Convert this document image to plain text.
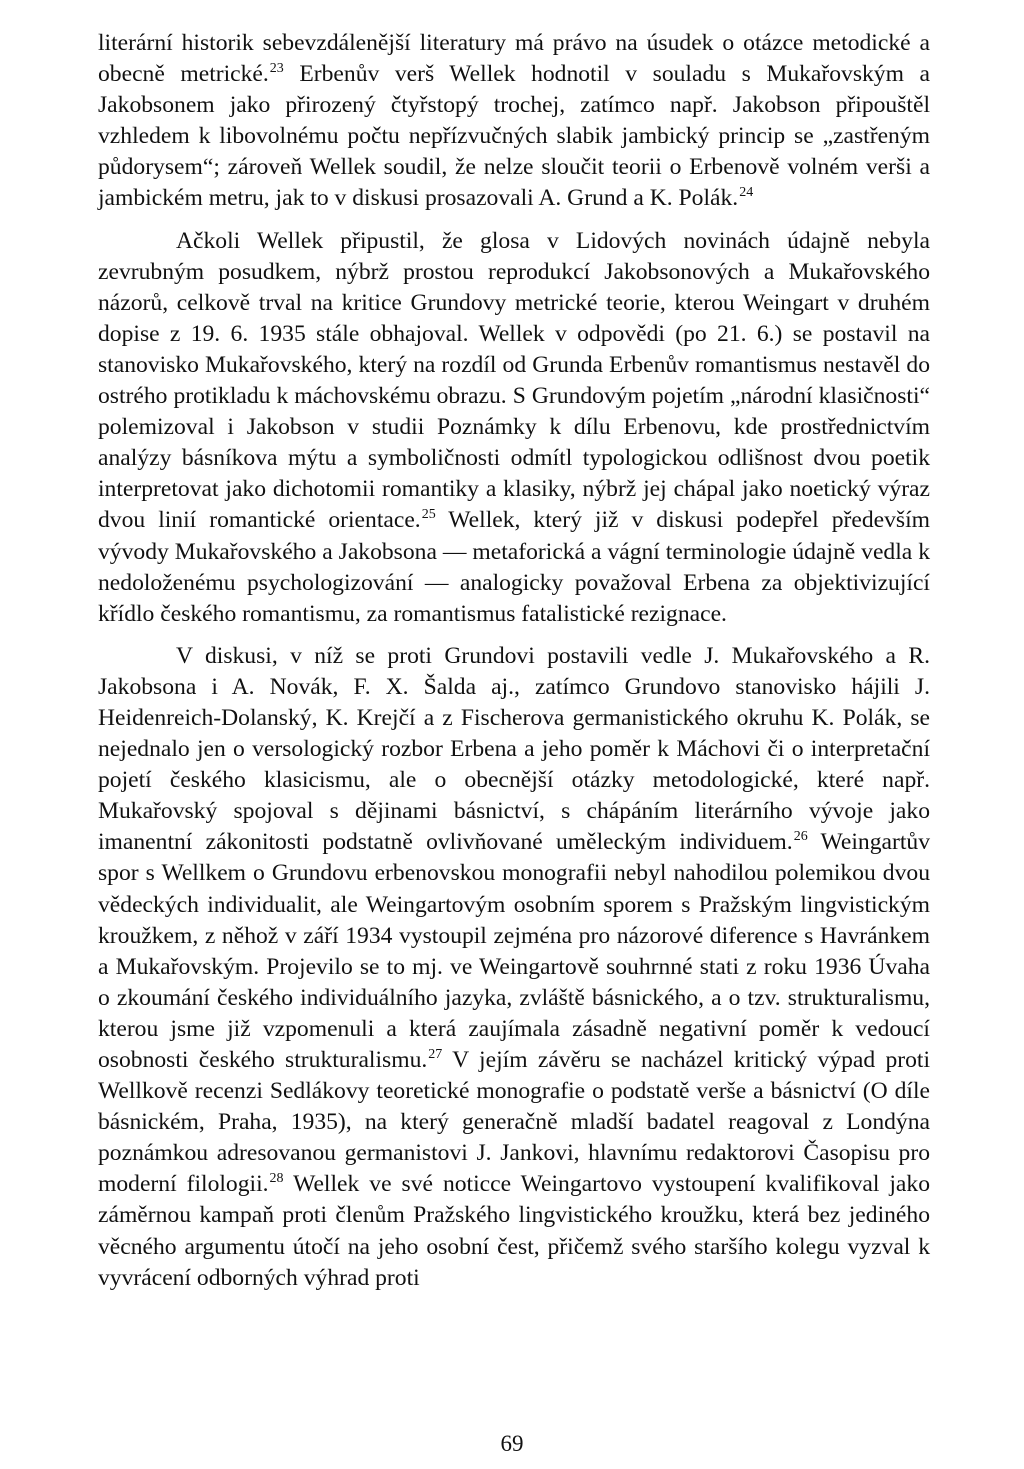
literární historik sebevzdálenější literatury má právo na úsudek o otázce metodické a obecně metrické.$^{23}$ Erbenův verš Wellek hodnotil v souladu s Mukařovským a Jakobsonem jako přirozený čtyřstopý trochej, zatímco např. Jakobson připouštěl vzhledem k libovolnému počtu nepřízvučných slabik jambický princip se „zastřeným půdorysem“; zároveň Wellek soudil, že nelze sloučit teorii o Erbenově volném verši a jambickém metru, jak to v diskusi prosazovali A. Grund a K. Polák.$^{24}$

Ačkoli Wellek připustil, že glosa v Lidových novinách údajně nebyla zevrubným posudkem, nýbrž prostou reprodukcí Jakobsonových a Mukařovského názorů, celkově trval na kritice Grundovy metrické teorie, kterou Weingart v druhém dopise z 19. 6. 1935 stále obhajoval. Wellek v odpovědi (po 21. 6.) se postavil na stanovisko Mukařovského, který na rozdíl od Grunda Erbenův romantismus nestavěl do ostrého protikladu k máchovskému obrazu. S Grundovým pojetím „národní klasičnosti“ polemizoval i Jakobson v studii Poznámky k dílu Erbenovu, kde prostřednictvím analýzy básníkova mýtu a symboličnosti odmítl typologickou odlišnost dvou poetik interpretovat jako dichotomii romantiky a klasiky, nýbrž jej chápal jako noetický výraz dvou linií romantické orientace.$^{25}$ Wellek, který již v diskusi podepřel především vývody Mukařovského a Jakobsona — metaforická a vágní terminologie údajně vedla k nedoloženému psychologizování — analogicky považoval Erbena za objektivizující křídlo českého romantismu, za romantismus fatalistické rezignace.

V diskusi, v níž se proti Grundovi postavili vedle J. Mukařovského a R. Jakobsona i A. Novák, F. X. Šalda aj., zatímco Grundovo stanovisko hájili J. Heidenreich-Dolanský, K. Krejčí a z Fischerova germanistického okruhu K. Polák, se nejednalo jen o versologický rozbor Erbena a jeho poměr k Máchovi či o interpretační pojetí českého klasicismu, ale o obecnější otázky metodologické, které např. Mukařovský spojoval s dějinami básnictví, s chápáním literárního vývoje jako imanentní zákonitosti podstatně ovlivňované uměleckým individuem.$^{26}$ Weingartův spor s Wellkem o Grundovu erbenovskou monografii nebyl nahodilou polemikou dvou vědeckých individualit, ale Weingartovým osobním sporem s Pražským lingvistickým kroužkem, z něhož v září 1934 vystoupil zejména pro názorové diference s Havránkem a Mukařovským. Projevilo se to mj. ve Weingartově souhrnné stati z roku 1936 Úvaha o zkoumání českého individuálního jazyka, zvláště básnického, a o tzv. strukturalismu, kterou jsme již vzpomenuli a která zaujímala zásadně negativní poměr k vedoucí osobnosti českého strukturalismu.$^{27}$ V jejím závěru se nacházel kritický výpad proti Wellkově recenzi Sedlákovy teoretické monografie o podstatě verše a básnictví (O díle básnickém, Praha, 1935), na který generačně mladší badatel reagoval z Londýna poznámkou adresovanou germanistovi J. Jankovi, hlavnímu redaktorovi Časopisu pro moderní filologii.$^{28}$ Wellek ve své noticce Weingartovo vystoupení kvalifikoval jako záměrnou kampaň proti členům Pražského lingvistického kroužku, která bez jediného věcného argumentu útočí na jeho osobní čest, přičemž svého staršího kolegu vyzval k vyvrácení odborných výhrad proti

69
